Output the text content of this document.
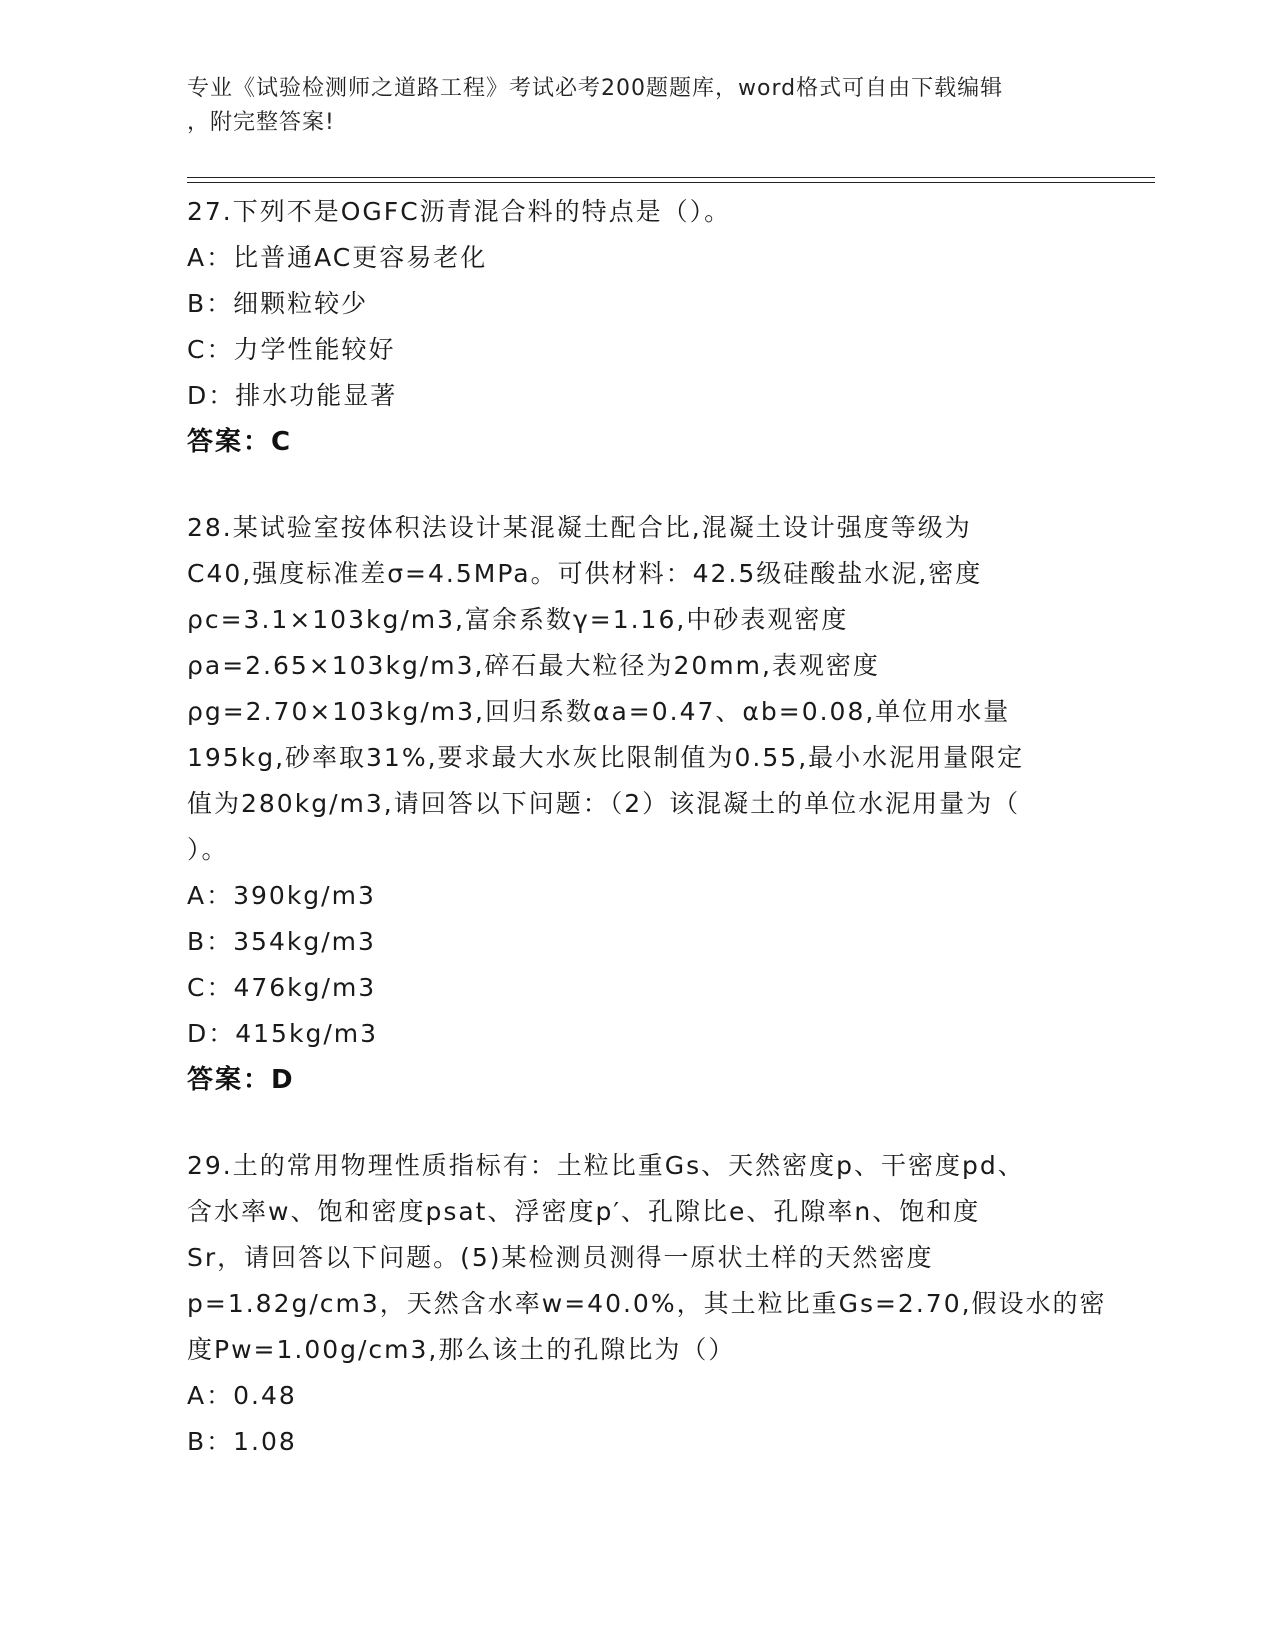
专业《试验检测师之道路工程》考试必考200题题库，word格式可自由下载编辑
，附完整答案!
27.下列不是OGFC沥青混合料的特点是（）。
A：比普通AC更容易老化
B：细颗粒较少
C：力学性能较好
D：排水功能显著
答案：C
28.某试验室按体积法设计某混凝土配合比,混凝土设计强度等级为
C40,强度标准差σ=4.5MPa。可供材料：42.5级硅酸盐水泥,密度
ρc=3.1×103kg/m3,富余系数γ=1.16,中砂表观密度
ρa=2.65×103kg/m3,碎石最大粒径为20mm,表观密度
ρg=2.70×103kg/m3,回归系数αa=0.47、αb=0.08,单位用水量
195kg,砂率取31%,要求最大水灰比限制值为0.55,最小水泥用量限定
值为280kg/m3,请回答以下问题：（2）该混凝土的单位水泥用量为（
）。
A：390kg/m3
B：354kg/m3
C：476kg/m3
D：415kg/m3
答案：D
29.土的常用物理性质指标有：土粒比重Gs、天然密度p、干密度pd、
含水率w、饱和密度psat、浮密度p′、孔隙比e、孔隙率n、饱和度
Sr，请回答以下问题。(5)某检测员测得一原状土样的天然密度
p=1.82g/cm3，天然含水率w=40.0%，其土粒比重Gs=2.70,假设水的密
度Pw=1.00g/cm3,那么该土的孔隙比为（）
A：0.48
B：1.08
